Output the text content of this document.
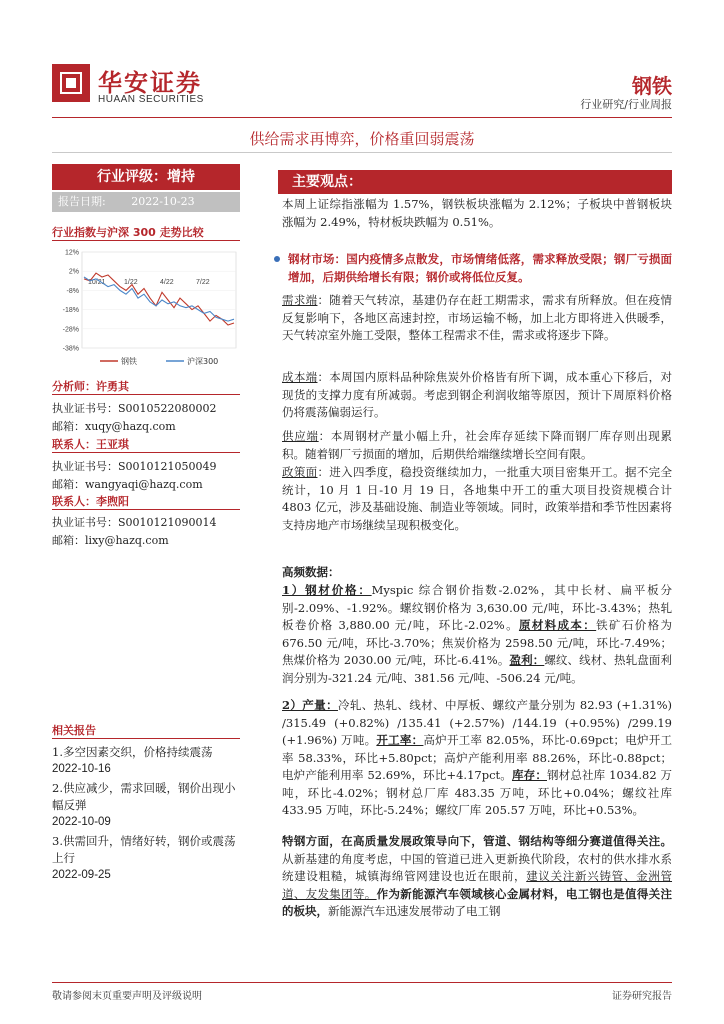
华安证券
HUAAN SECURITIES
钢铁
行业研究/行业周报
供给需求再博弈，价格重回弱震荡
行业评级：增持
报告日期: 2022-10-23
行业指数与沪深 300 走势比较
12%
2%
-8%
-18%
-28%
-38%
10/21	1/22	4/22	7/22
钢铁	沪深300
分析师：许勇其
执业证书号：S0010522080002
邮箱：xuqy@hazq.com
联系人：王亚琪
执业证书号：S0010121050049
邮箱：wangyaqi@hazq.com
联系人：李煦阳
执业证书号：S0010121090014
邮箱：lixy@hazq.com
相关报告
1.多空因素交织，价格持续震荡
2022-10-16
2.供应减少，需求回暖，钢价出现小幅反弹
2022-10-09
3.供需回升，情绪好转，钢价或震荡上行
2022-09-25
主要观点：
本周上证综指涨幅为 1.57%，钢铁板块涨幅为 2.12%；子板块中普钢板块涨幅为 2.49%，特材板块跌幅为 0.51%。
钢材市场：国内疫情多点散发，市场情绪低落，需求释放受限；钢厂亏损面增加，后期供给增长有限；钢价或将低位反复。
需求端：随着天气转凉，基建仍存在赶工期需求，需求有所释放。但在疫情反复影响下，各地区高速封控，市场运输不畅，加上北方即将进入供暖季，天气转凉室外施工受限，整体工程需求不佳，需求或将逐步下降。
成本端：本周国内原料品种除焦炭外价格皆有所下调，成本重心下移后，对现货的支撑力度有所减弱。考虑到钢企利润收缩等原因，预计下周原料价格仍将震荡偏弱运行。
供应端：本周钢材产量小幅上升，社会库存延续下降而钢厂库存则出现累积。随着钢厂亏损面的增加，后期供给端继续增长空间有限。
政策面：进入四季度，稳投资继续加力，一批重大项目密集开工。据不完全统计，10 月 1 日-10 月 19 日，各地集中开工的重大项目投资规模合计 4803 亿元，涉及基础设施、制造业等领域。同时，政策举措和季节性因素将支持房地产市场继续呈现积极变化。
高频数据：
1）钢材价格：Myspic 综合钢价指数-2.02%，其中长材、扁平板分别-2.09%、-1.92%。螺纹钢价格为 3,630.00 元/吨，环比-3.43%；热轧板卷价格 3,880.00 元/吨，环比-2.02%。原材料成本：铁矿石价格为 676.50 元/吨，环比-3.70%；焦炭价格为 2598.50 元/吨，环比-7.49%；焦煤价格为 2030.00 元/吨，环比-6.41%。盈利：螺纹、线材、热轧盘面利润分别为-321.24 元/吨、381.56 元/吨、-506.24 元/吨。
2）产量：冷轧、热轧、线材、中厚板、螺纹产量分别为 82.93 (+1.31%) /315.49 (+0.82%) /135.41 (+2.57%) /144.19 (+0.95%) /299.19 (+1.96%) 万吨。开工率：高炉开工率 82.05%，环比-0.69pct；电炉开工率 58.33%，环比+5.80pct；高炉产能利用率 88.26%，环比-0.88pct；电炉产能利用率 52.69%，环比+4.17pct。库存：钢材总社库 1034.82 万吨，环比-4.02%；钢材总厂库 483.35 万吨，环比+0.04%；螺纹社库 433.95 万吨，环比-5.24%；螺纹厂库 205.57 万吨，环比+0.53%。
特钢方面，在高质量发展政策导向下，管道、钢结构等细分赛道值得关注。从新基建的角度考虑，中国的管道已进入更新换代阶段，农村的供水排水系统建设粗糙，城镇海绵管网建设也近在眼前，建议关注新兴铸管、金洲管道、友发集团等。作为新能源汽车领域核心金属材料，电工钢也是值得关注的板块，新能源汽车迅速发展带动了电工钢
敬请参阅末页重要声明及评级说明	证券研究报告
